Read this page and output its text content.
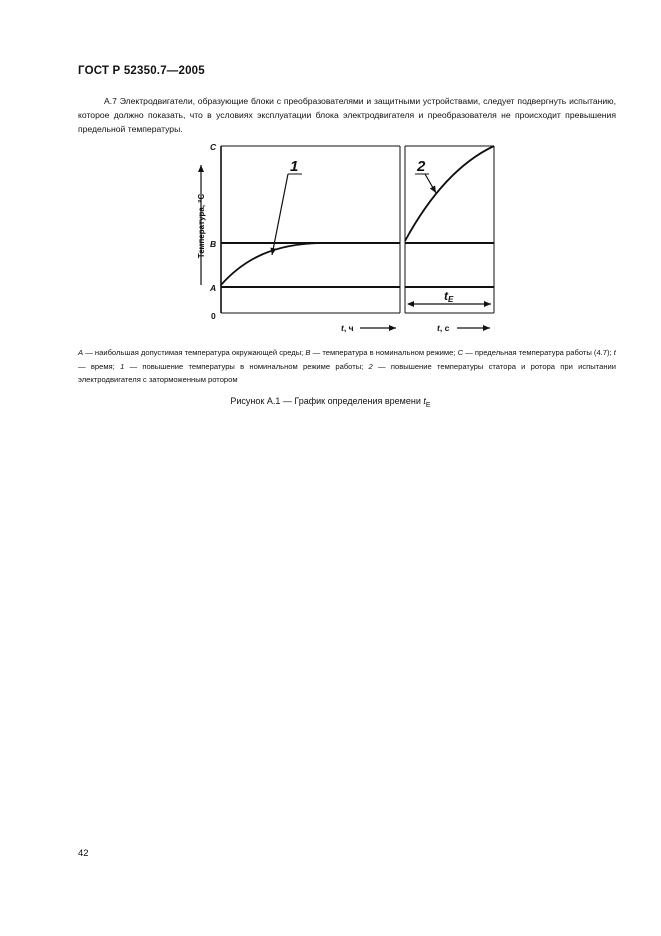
ГОСТ Р 52350.7—2005
А.7 Электродвигатели, образующие блоки с преобразователями и защитными устройствами, следует подвергнуть испытанию, которое должно показать, что в условиях эксплуатации блока электродвигателя и преобразователя не происходит превышения предельной температуры.
1	2
Температура, °C
C
B
A
0
t, ч	t, с
tE
A — наибольшая допустимая температура окружающей среды; B — температура в номинальном режиме; C — предельная температура работы (4.7); t — время; 1 — повышение температуры в номинальном режиме работы; 2 — повышение температуры статора и ротора при испытании электродвигателя с заторможенным ротором
Рисунок А.1 — График определения времени $t_E$
42
